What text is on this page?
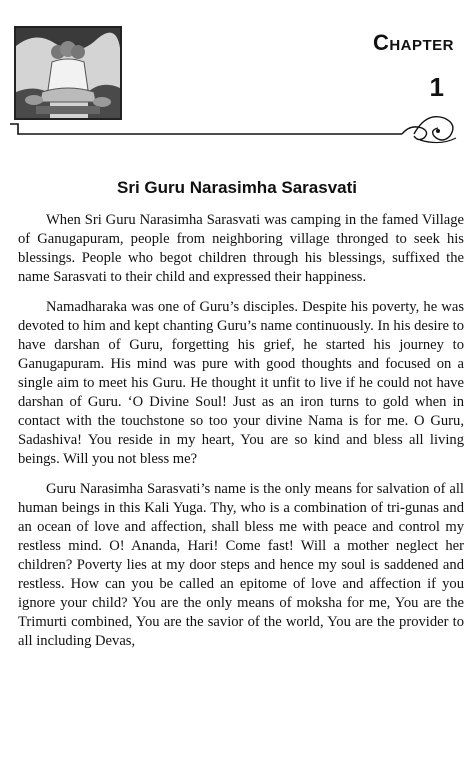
Chapter
1
Sri Guru Narasimha Sarasvati

When Sri Guru Narasimha Sarasvati was camping in the famed Village of Ganugapuram, people from neighboring village thronged to seek his blessings. People who begot children through his blessings, suffixed the name Sarasvati to their child and expressed their happiness.

Namadharaka was one of Guru’s disciples. Despite his poverty, he was devoted to him and kept chanting Guru’s name continuously. In his desire to have darshan of Guru, forgetting his grief, he started his journey to Ganugapuram. His mind was pure with good thoughts and focused on a single aim to meet his Guru. He thought it unfit to live if he could not have darshan of Guru. ‘O Divine Soul! Just as an iron turns to gold when in contact with the touchstone so too your divine Nama is for me. O Guru, Sadashiva! You reside in my heart, You are so kind and bless all living beings. Will you not bless me?

Guru Narasimha Sarasvati’s name is the only means for salvation of all human beings in this Kali Yuga. Thy, who is a combination of tri-gunas and an ocean of love and affection, shall bless me with peace and control my restless mind. O! Ananda, Hari! Come fast! Will a mother neglect her children? Poverty lies at my door steps and hence my soul is saddened and restless. How can you be called an epitome of love and affection if you ignore your child? You are the only means of moksha for me, You are the Trimurti combined, You are the savior of the world, You are the provider to all including Devas,
